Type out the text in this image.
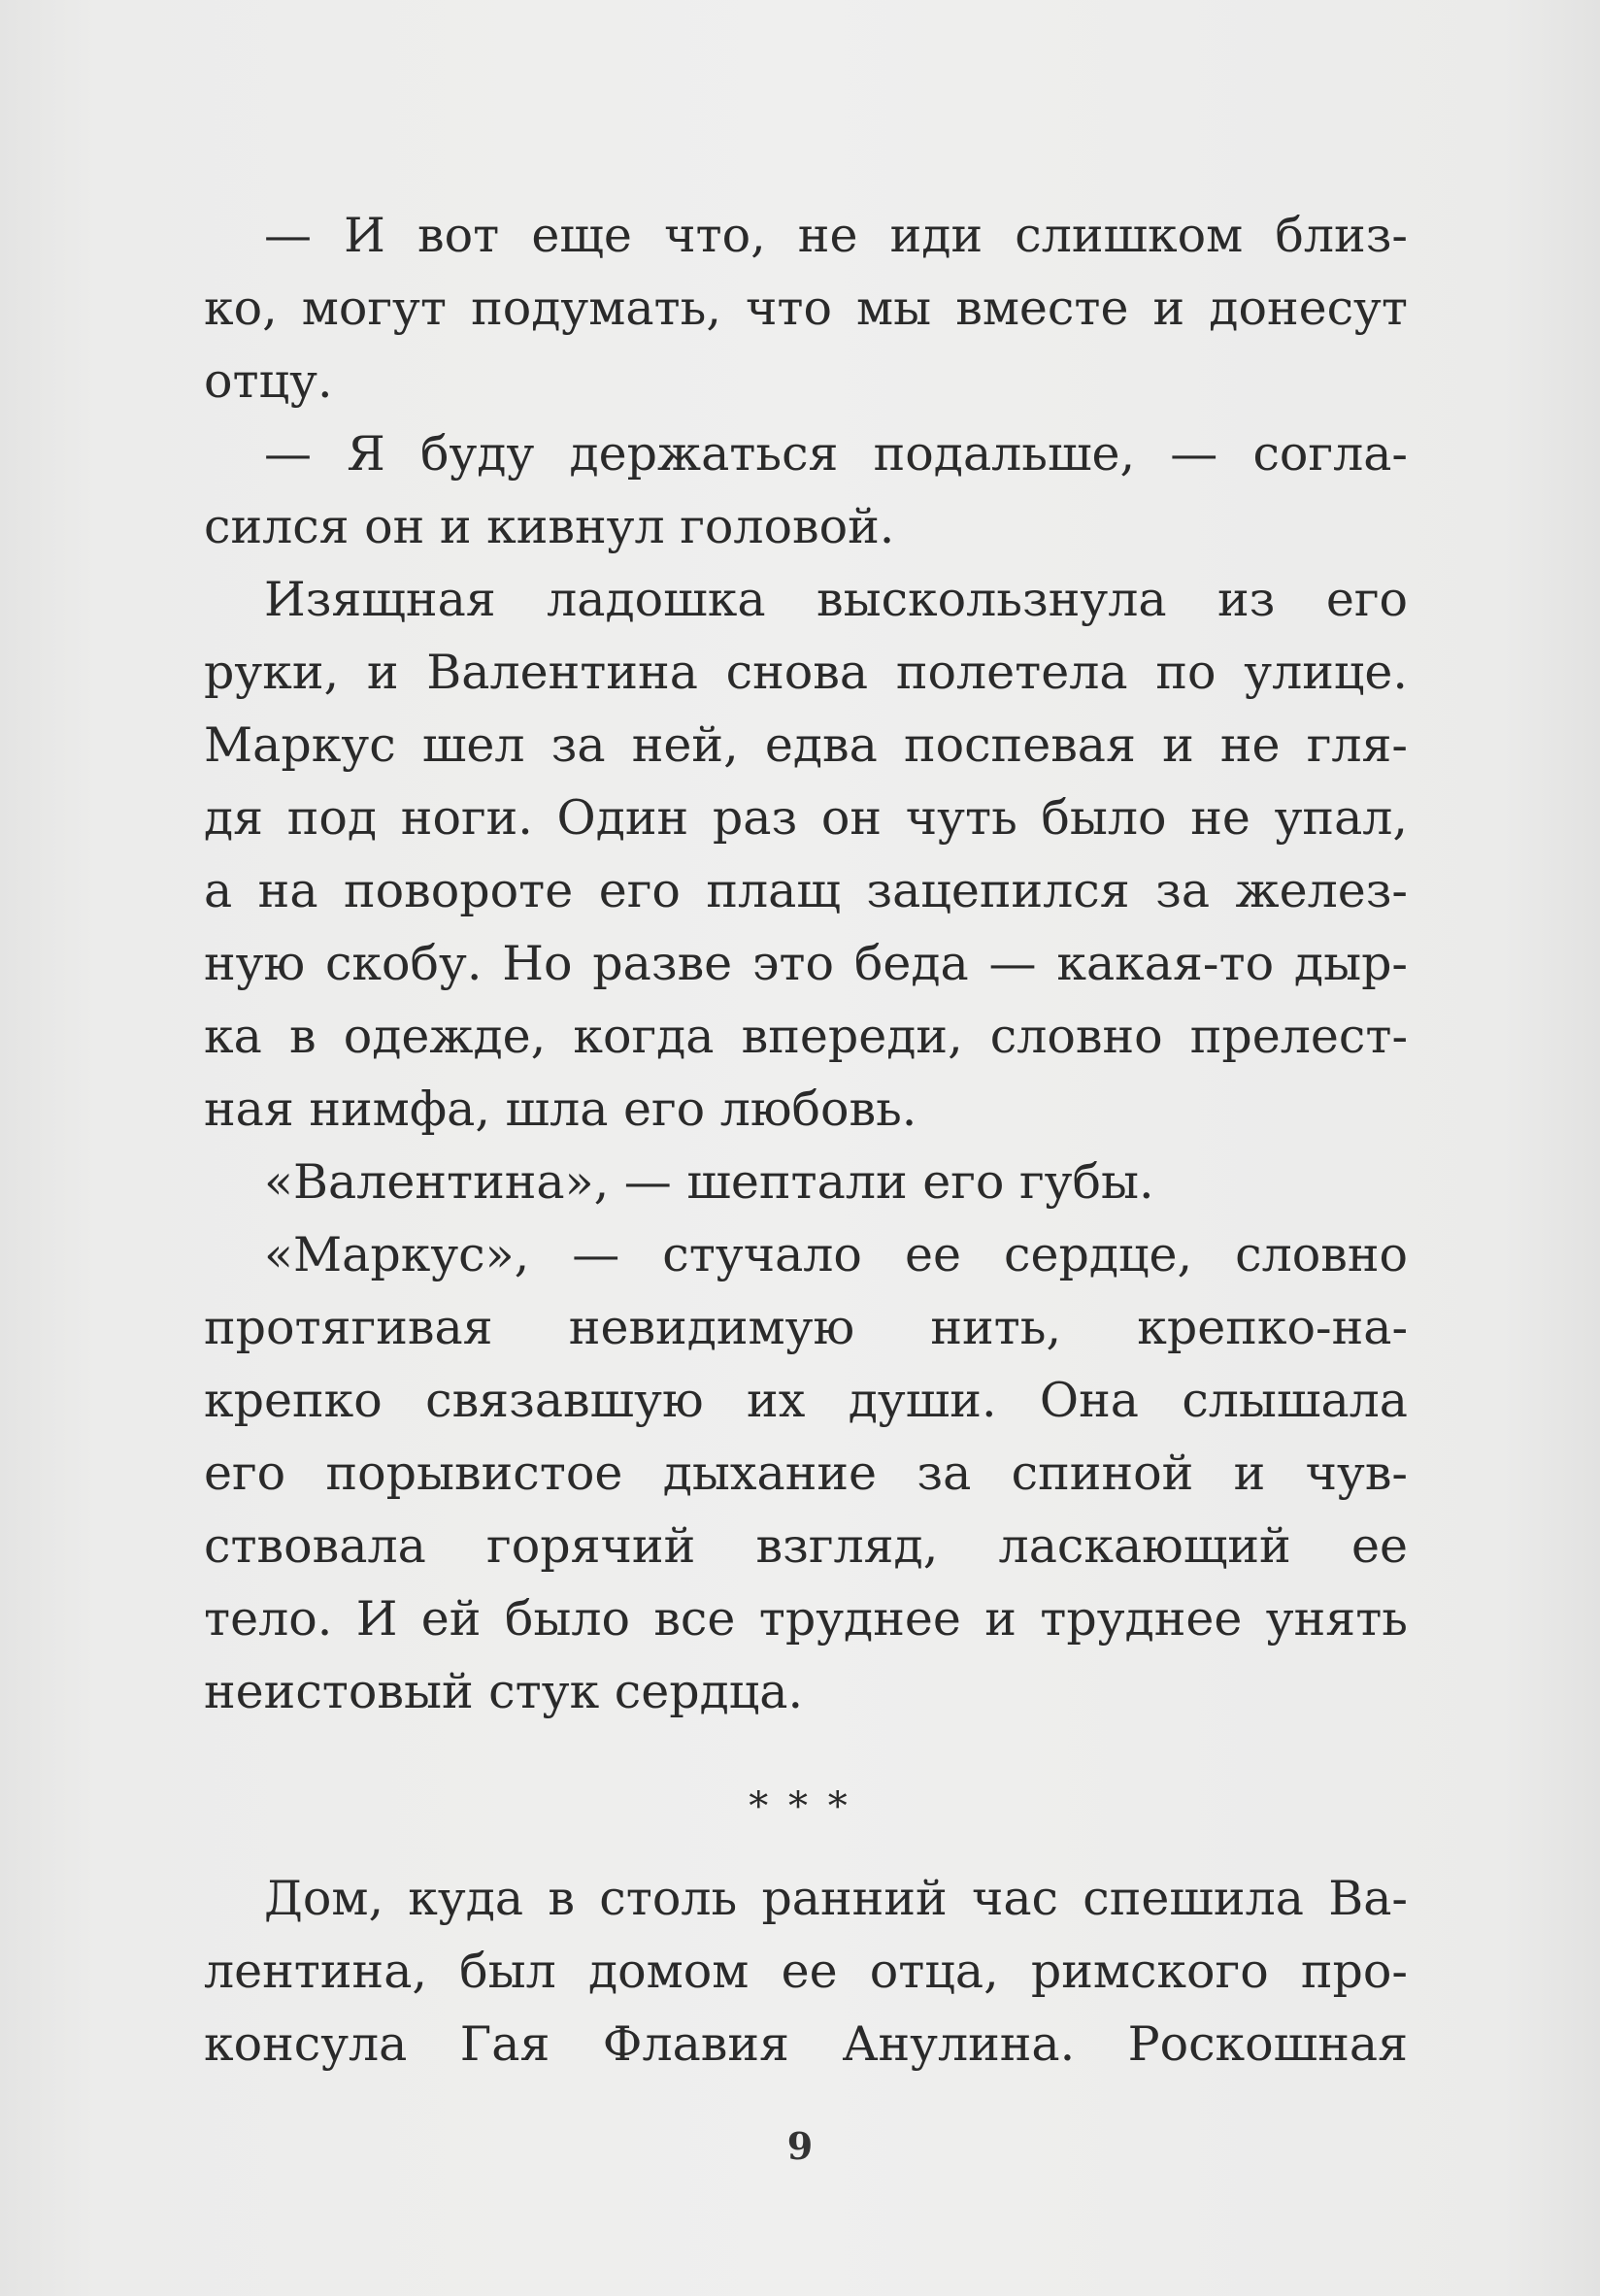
— И вот еще что, не иди слишком близ-
ко, могут подумать, что мы вместе и донесут
отцу.
— Я буду держаться подальше, — согла-
сился он и кивнул головой.
Изящная ладошка выскользнула из его
руки, и Валентина снова полетела по улице.
Маркус шел за ней, едва поспевая и не гля-
дя под ноги. Один раз он чуть было не упал,
а на повороте его плащ зацепился за желез-
ную скобу. Но разве это беда — какая-то дыр-
ка в одежде, когда впереди, словно прелест-
ная нимфа, шла его любовь.
«Валентина», — шептали его губы.
«Маркус», — стучало ее сердце, словно
протягивая невидимую нить, крепко-на-
крепко связавшую их души. Она слышала
его порывистое дыхание за спиной и чув-
ствовала горячий взгляд, ласкающий ее
тело. И ей было все труднее и труднее унять
неистовый стук сердца.
* * *
Дом, куда в столь ранний час спешила Ва-
лентина, был домом ее отца, римского про-
консула Гая Флавия Анулина. Роскошная
9
